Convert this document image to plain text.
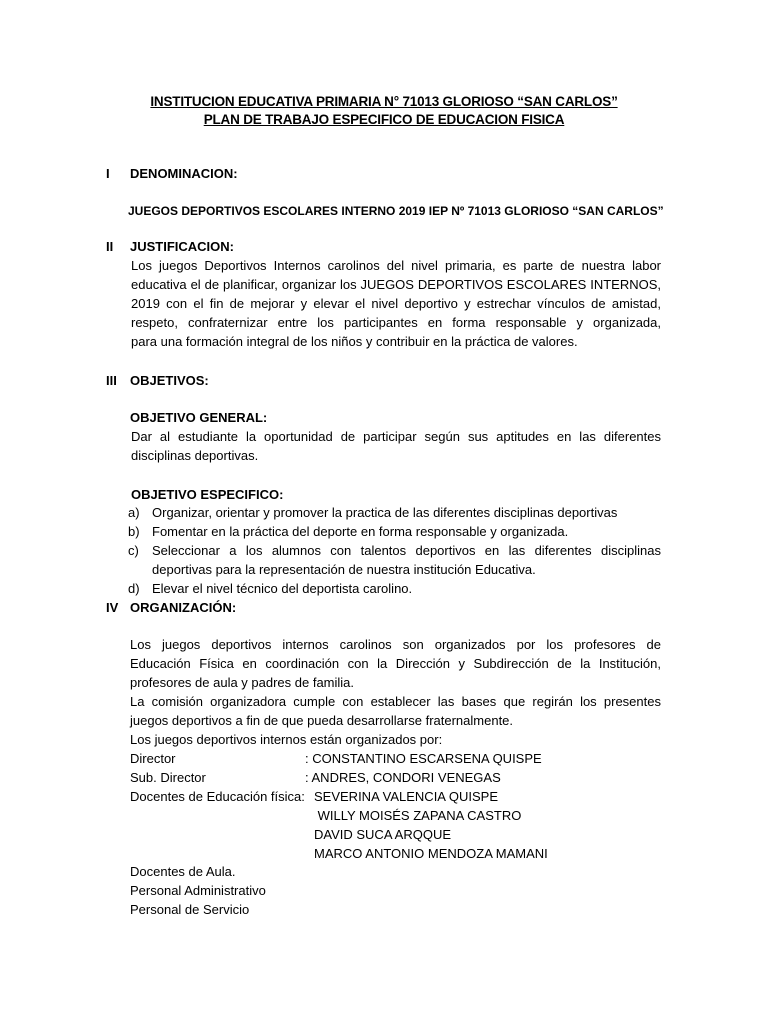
INSTITUCION EDUCATIVA PRIMARIA N° 71013 GLORIOSO “SAN CARLOS”
PLAN DE TRABAJO ESPECIFICO DE EDUCACION FISICA
I DENOMINACION:
JUEGOS DEPORTIVOS ESCOLARES INTERNO 2019 IEP Nº 71013 GLORIOSO “SAN CARLOS”
II JUSTIFICACION:
Los juegos Deportivos Internos carolinos del nivel primaria, es parte de nuestra labor
educativa el de planificar, organizar los JUEGOS DEPORTIVOS ESCOLARES INTERNOS,
2019 con el fin de mejorar y elevar el nivel deportivo y estrechar vínculos de amistad,
respeto, confraternizar entre los participantes en forma responsable y organizada,
para una formación integral de los niños y contribuir en la práctica de valores.
III OBJETIVOS:
OBJETIVO GENERAL:
Dar al estudiante la oportunidad de participar según sus aptitudes en las diferentes
disciplinas deportivas.
OBJETIVO ESPECIFICO:
a) Organizar, orientar y promover la practica de las diferentes disciplinas deportivas
b) Fomentar en la práctica del deporte en forma responsable y organizada.
c) Seleccionar a los alumnos con talentos deportivos en las diferentes disciplinas
deportivas para la representación de nuestra institución Educativa.
d) Elevar el nivel técnico del deportista carolino.
IV ORGANIZACIÓN:
Los juegos deportivos internos carolinos son organizados por los profesores de
Educación Física en coordinación con la Dirección y Subdirección de la Institución,
profesores de aula y padres de familia.
La comisión organizadora cumple con establecer las bases que regirán los presentes
juegos deportivos a fin de que pueda desarrollarse fraternalmente.
Los juegos deportivos internos están organizados por:
Director	: CONSTANTINO ESCARSENA QUISPE
Sub. Director	: ANDRES, CONDORI VENEGAS
Docentes de Educación física: SEVERINA VALENCIA QUISPE
WILLY MOISÉS ZAPANA CASTRO
DAVID SUCA ARQQUE
MARCO ANTONIO MENDOZA MAMANI
Docentes de Aula.
Personal Administrativo
Personal de Servicio
